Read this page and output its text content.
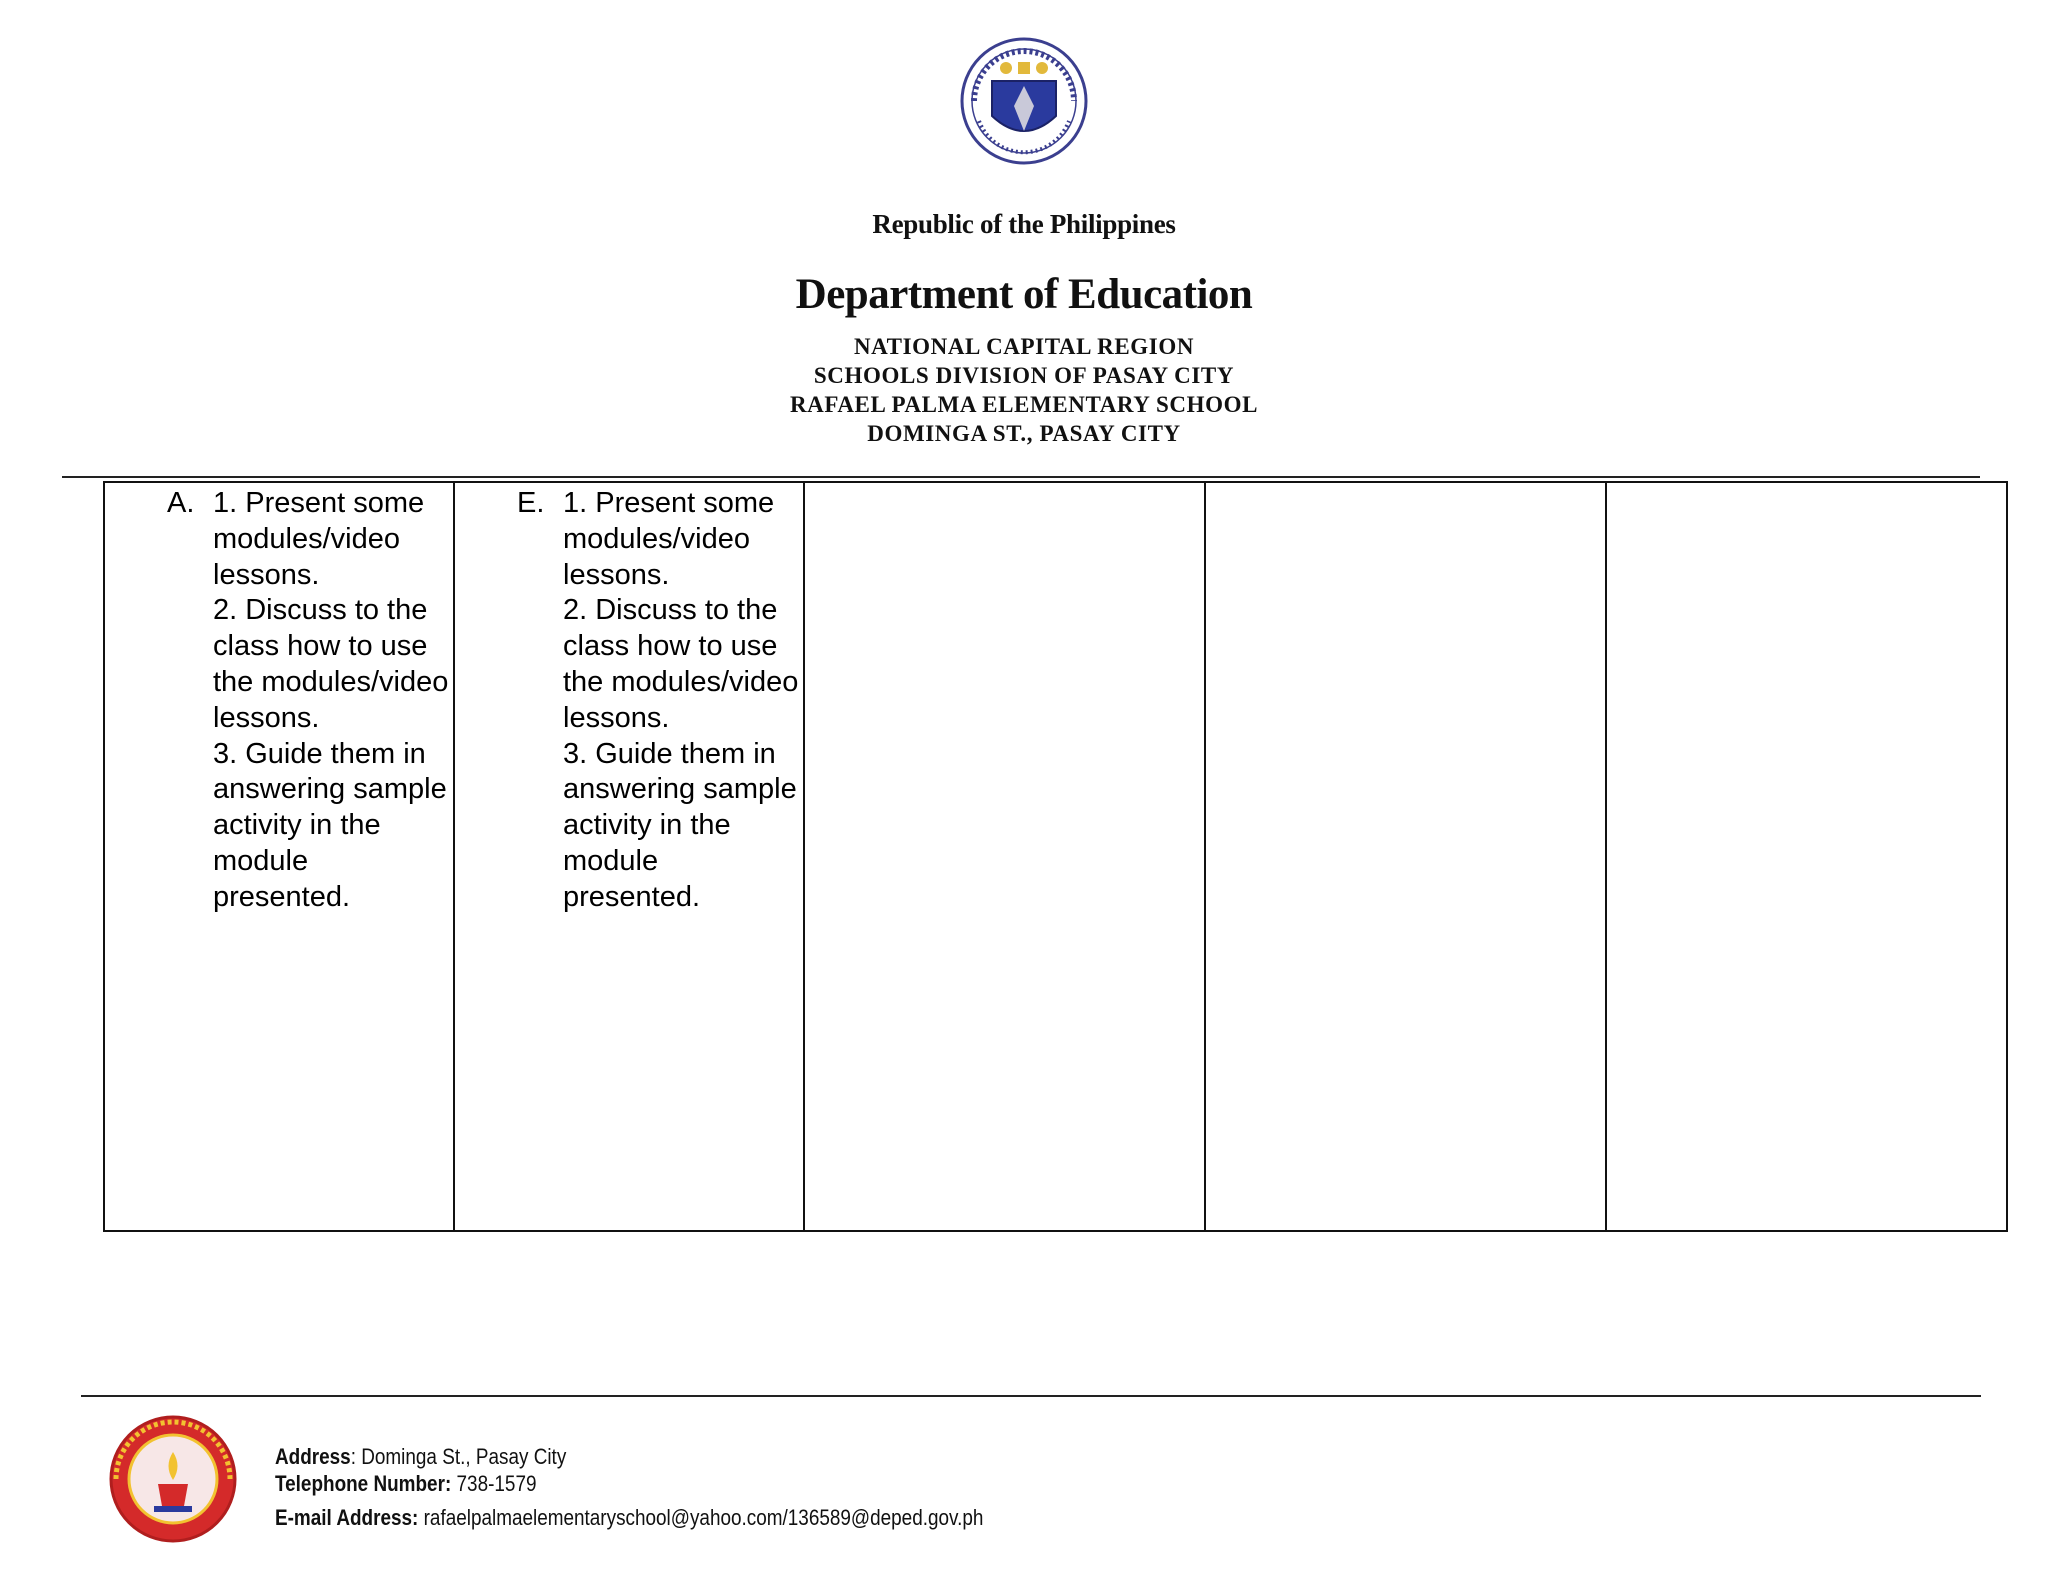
Republic of the Philippines
Department of Education
NATIONAL CAPITAL REGION
SCHOOLS DIVISION OF PASAY CITY
RAFAEL PALMA ELEMENTARY SCHOOL
DOMINGA ST., PASAY CITY
A. 1. Present some modules/video lessons.
2. Discuss to the class how to use the modules/video lessons.
3. Guide them in answering sample activity in the module presented.
E. 1. Present some modules/video lessons.
2. Discuss to the class how to use the modules/video lessons.
3. Guide them in answering sample activity in the module presented.
Address: Dominga St., Pasay City
Telephone Number: 738-1579
E-mail Address: rafaelpalmaelementaryschool@yahoo.com/136589@deped.gov.ph
